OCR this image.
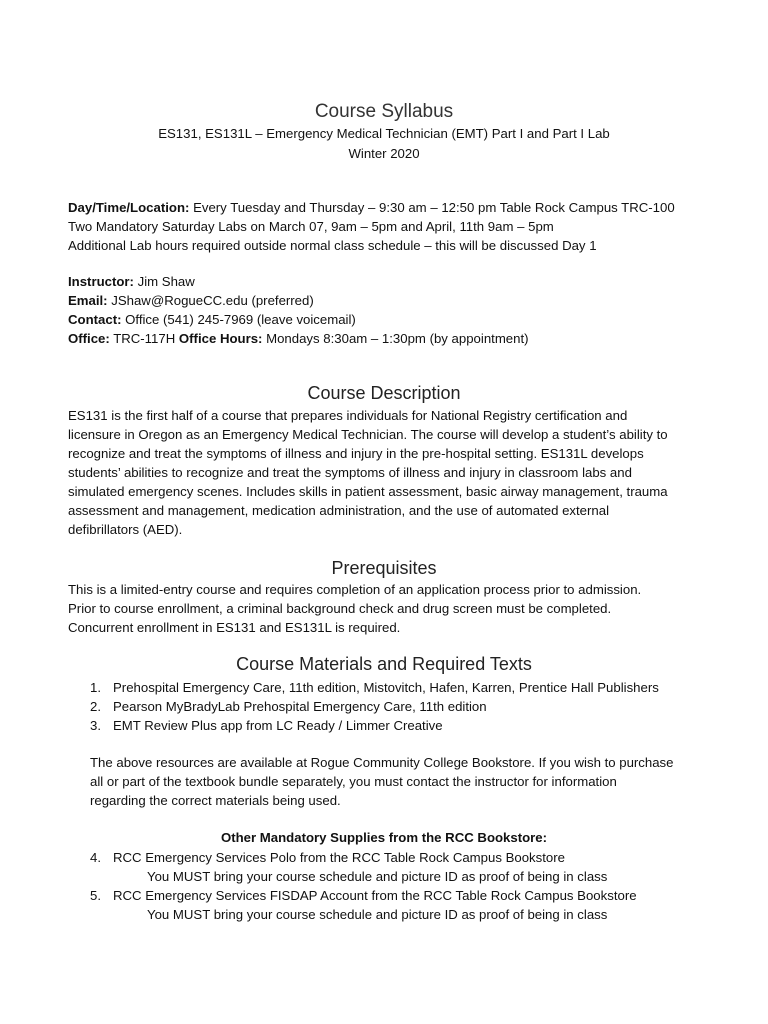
Course Syllabus
ES131, ES131L – Emergency Medical Technician (EMT) Part I and Part I Lab
Winter 2020
Day/Time/Location: Every Tuesday and Thursday – 9:30 am – 12:50 pm Table Rock Campus TRC-100
Two Mandatory Saturday Labs on March 07, 9am – 5pm and April, 11th 9am – 5pm
Additional Lab hours required outside normal class schedule – this will be discussed Day 1
Instructor: Jim Shaw
Email: JShaw@RogueCC.edu (preferred)
Contact: Office (541) 245-7969 (leave voicemail)
Office: TRC-117H Office Hours: Mondays 8:30am – 1:30pm (by appointment)
Course Description
ES131 is the first half of a course that prepares individuals for National Registry certification and
licensure in Oregon as an Emergency Medical Technician. The course will develop a student’s ability to
recognize and treat the symptoms of illness and injury in the pre-hospital setting. ES131L develops
students’ abilities to recognize and treat the symptoms of illness and injury in classroom labs and
simulated emergency scenes. Includes skills in patient assessment, basic airway management, trauma
assessment and management, medication administration, and the use of automated external
defibrillators (AED).
Prerequisites
This is a limited-entry course and requires completion of an application process prior to admission.
Prior to course enrollment, a criminal background check and drug screen must be completed.
Concurrent enrollment in ES131 and ES131L is required.
Course Materials and Required Texts
1. Prehospital Emergency Care, 11th edition, Mistovitch, Hafen, Karren, Prentice Hall Publishers
2. Pearson MyBradyLab Prehospital Emergency Care, 11th edition
3. EMT Review Plus app from LC Ready / Limmer Creative
The above resources are available at Rogue Community College Bookstore. If you wish to purchase
all or part of the textbook bundle separately, you must contact the instructor for information
regarding the correct materials being used.
Other Mandatory Supplies from the RCC Bookstore:
4. RCC Emergency Services Polo from the RCC Table Rock Campus Bookstore
You MUST bring your course schedule and picture ID as proof of being in class
5. RCC Emergency Services FISDAP Account from the RCC Table Rock Campus Bookstore
You MUST bring your course schedule and picture ID as proof of being in class
